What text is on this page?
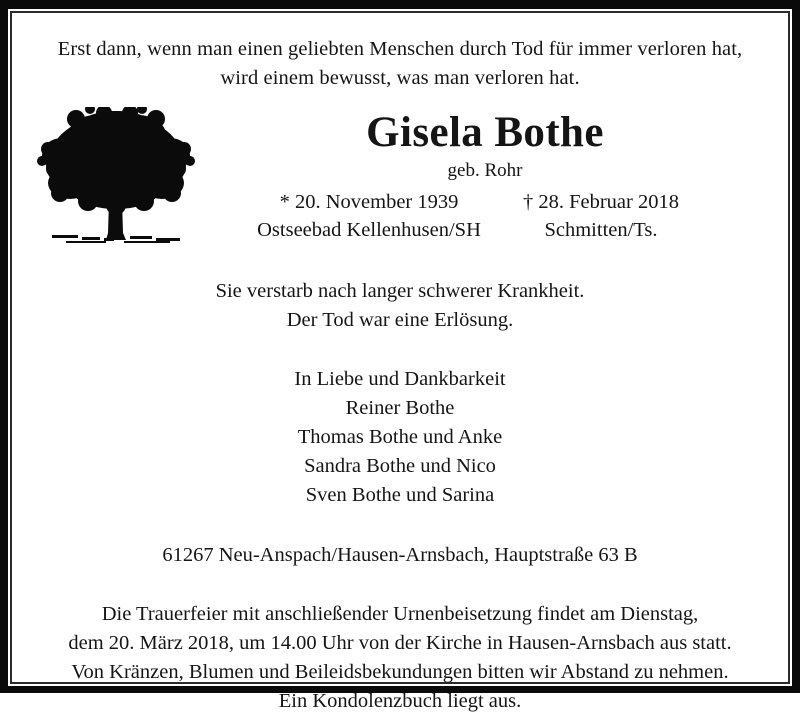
Erst dann, wenn man einen geliebten Menschen durch Tod für immer verloren hat,
wird einem bewusst, was man verloren hat.
Gisela Bothe
geb. Rohr
* 20. November 1939
Ostseebad Kellenhusen/SH
† 28. Februar 2018
Schmitten/Ts.
Sie verstarb nach langer schwerer Krankheit.
Der Tod war eine Erlösung.
In Liebe und Dankbarkeit
Reiner Bothe
Thomas Bothe und Anke
Sandra Bothe und Nico
Sven Bothe und Sarina
61267 Neu-Anspach/Hausen-Arnsbach, Hauptstraße 63 B
Die Trauerfeier mit anschließender Urnenbeisetzung findet am Dienstag,
dem 20. März 2018, um 14.00 Uhr von der Kirche in Hausen-Arnsbach aus statt.
Von Kränzen, Blumen und Beileidsbekundungen bitten wir Abstand zu nehmen.
Ein Kondolenzbuch liegt aus.
